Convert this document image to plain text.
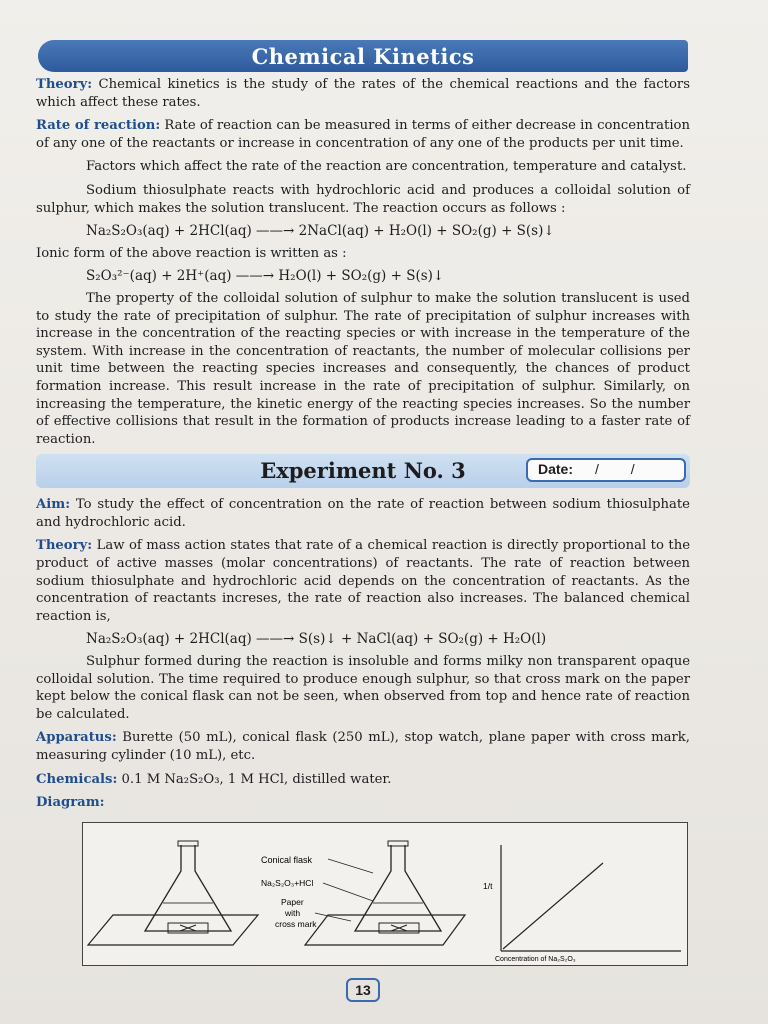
Chemical Kinetics

Theory: Chemical kinetics is the study of the rates of the chemical reactions and the factors which affect these rates.

Rate of reaction: Rate of reaction can be measured in terms of either decrease in concentration of any one of the reactants or increase in concentration of any one of the products per unit time.

Factors which affect the rate of the reaction are concentration, temperature and catalyst.

Sodium thiosulphate reacts with hydrochloric acid and produces a colloidal solution of sulphur, which makes the solution translucent. The reaction occurs as follows :

Na₂S₂O₃(aq) + 2HCl(aq) ——→ 2NaCl(aq) + H₂O(l) + SO₂(g) + S(s)↓

Ionic form of the above reaction is written as :

S₂O₃²⁻(aq) + 2H⁺(aq) ——→ H₂O(l) + SO₂(g) + S(s)↓

The property of the colloidal solution of sulphur to make the solution translucent is used to study the rate of precipitation of sulphur. The rate of precipitation of sulphur increases with increase in the concentration of the reacting species or with increase in the temperature of the system. With increase in the concentration of reactants, the number of molecular collisions per unit time between the reacting species increases and consequently, the chances of product formation increase. This result increase in the rate of precipitation of sulphur. Similarly, on increasing the temperature, the kinetic energy of the reacting species increases. So the number of effective collisions that result in the formation of products increase leading to a faster rate of reaction.

Experiment No. 3	Date: / /

Aim: To study the effect of concentration on the rate of reaction between sodium thiosulphate and hydrochloric acid.

Theory: Law of mass action states that rate of a chemical reaction is directly proportional to the product of active masses (molar concentrations) of reactants. The rate of reaction between sodium thiosulphate and hydrochloric acid depends on the concentration of reactants. As the concentration of reactants increses, the rate of reaction also increases. The balanced chemical reaction is,

Na₂S₂O₃(aq) + 2HCl(aq) ——→ S(s)↓ + NaCl(aq) + SO₂(g) + H₂O(l)

Sulphur formed during the reaction is insoluble and forms milky non transparent opaque colloidal solution. The time required to produce enough sulphur, so that cross mark on the paper kept below the conical flask can not be seen, when observed from top and hence rate of reaction be calculated.

Apparatus: Burette (50 mL), conical flask (250 mL), stop watch, plane paper with cross mark, measuring cylinder (10 mL), etc.

Chemicals: 0.1 M Na₂S₂O₃, 1 M HCl, distilled water.

Diagram:

Conical flask
Na₂S₂O₃+HCl
Paper
with
cross mark
1/t
Concentration of Na₂S₂O₃
13
